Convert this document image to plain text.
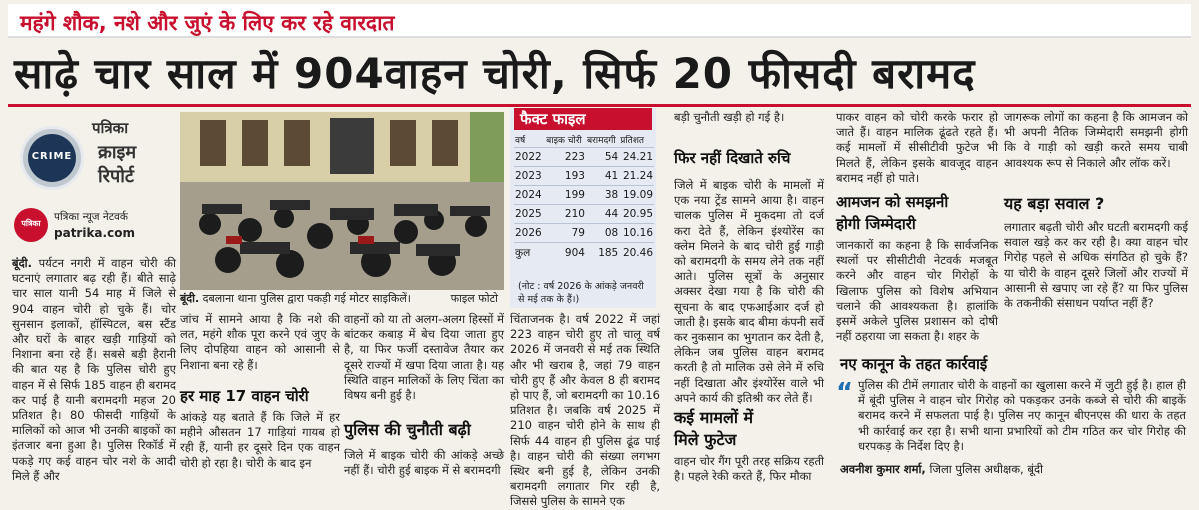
महंगे शौक, नशे और जुएं के लिए कर रहे वारदात
साढ़े चार साल में 904वाहन चोरी, सिर्फ 20 फीसदी बरामद
CRIME
पत्रिका
क्राइम
रिपोर्ट
पत्रिका
पत्रिका न्यूज नेटवर्क
patrika.com
बूंदी. दबलाना थाना पुलिस द्वारा पकड़ी गई मोटर साइकिलें।	फाइल फोटो
फैक्ट फाइल
वर्ष	बाइक चोरी	बरामदगी	प्रतिशत
2022	223	54	24.21
2023	193	41	21.24
2024	199	38	19.09
2025	210	44	20.95
2026	79	08	10.16
कुल	904	185	20.46
(नोट : वर्ष 2026 के आंकड़े जनवरी से मई तक के हैं।)

बूंदी. पर्यटन नगरी में वाहन चोरी की घटनाएं लगातार बढ़ रही हैं। बीते साढ़े चार साल यानी 54 माह में जिले से 904 वाहन चोरी हो चुके हैं। चोर सुनसान इलाकों, हॉस्पिटल, बस स्टैंड और घरों के बाहर खड़ी गाड़ियों को निशाना बना रहे हैं। सबसे बड़ी हैरानी की बात यह है कि पुलिस चोरी हुए वाहन में से सिर्फ 185 वाहन ही बरामद कर पाई है यानी बरामदगी महज 20 प्रतिशत है। 80 फीसदी गाड़ियों के मालिकों को आज भी उनकी बाइकों का इंतजार बना हुआ है। पुलिस रिकॉर्ड में पकड़े गए कई वाहन चोर नशे के आदी मिले हैं और

जांच में सामने आया है कि नशे की लत, महंगे शौक पूरा करने एवं जुए के लिए दोपहिया वाहन को आसानी से निशाना बना रहे हैं।

हर माह 17 वाहन चोरी

आंकड़े यह बताते हैं कि जिले में हर महीने औसतन 17 गाड़ियां गायब हो रही हैं, यानी हर दूसरे दिन एक वाहन चोरी हो रहा है। चोरी के बाद इन

वाहनों को या तो अलग-अलग हिस्सों में बांटकर कबाड़ में बेच दिया जाता हुए है, या फिर फर्जी दस्तावेज तैयार कर दूसरे राज्यों में खपा दिया जाता है। यह स्थिति वाहन मालिकों के लिए चिंता का विषय बनी हुई है।

पुलिस की चुनौती बढ़ी

जिले में बाइक चोरी की आंकड़े अच्छे नहीं हैं। चोरी हुई बाइक में से बरामदगी

चिंताजनक है। वर्ष 2022 में जहां 223 वाहन चोरी हुए तो चालू वर्ष 2026 में जनवरी से मई तक स्थिति और भी खराब है, जहां 79 वाहन चोरी हुए हैं और केवल 8 ही बरामद हो पाए हैं, जो बरामदगी का 10.16 प्रतिशत है। जबकि वर्ष 2025 में 210 वाहन चोरी होने के साथ ही सिर्फ 44 वाहन ही पुलिस ढूंढ पाई है। वाहन चोरी की संख्या लगभग स्थिर बनी हुई है, लेकिन उनकी बरामदगी लगातार गिर रही है, जिससे पुलिस के सामने एक

बड़ी चुनौती खड़ी हो गई है।

फिर नहीं दिखाते रुचि

जिले में बाइक चोरी के मामलों में एक नया ट्रेंड सामने आया है। वाहन चालक पुलिस में मुकदमा तो दर्ज करा देते हैं, लेकिन इंश्योरेंस का क्लेम मिलने के बाद चोरी हुई गाड़ी को बरामदगी के समय लेने तक नहीं आते। पुलिस सूत्रों के अनुसार अक्सर देखा गया है कि चोरी की सूचना के बाद एफआईआर दर्ज हो जाती है। इसके बाद बीमा कंपनी सर्वे कर नुकसान का भुगतान कर देती है, लेकिन जब पुलिस वाहन बरामद करती है तो मालिक उसे लेने में रुचि नहीं दिखाता और इंश्योरेंस वाले भी अपने कार्य की इतिश्री कर लेते हैं।

कई मामलों में
मिले फुटेज

वाहन चोर गैंग पूरी तरह सक्रिय रहती है। पहले रेकी करते हैं, फिर मौका

पाकर वाहन को चोरी करके फरार हो जाते हैं। वाहन मालिक ढूंढते रहते हैं। कई मामलों में सीसीटीवी फुटेज भी मिलते हैं, लेकिन इसके बावजूद वाहन बरामद नहीं हो पाते।

आमजन को समझनी
होगी जिम्मेदारी

जानकारों का कहना है कि सार्वजनिक स्थलों पर सीसीटीवी नेटवर्क मजबूत करने और वाहन चोर गिरोहों के खिलाफ पुलिस को विशेष अभियान चलाने की आवश्यकता है। हालांकि इसमें अकेले पुलिस प्रशासन को दोषी नहीं ठहराया जा सकता है। शहर के

जागरूक लोगों का कहना है कि आमजन को भी अपनी नैतिक जिम्मेदारी समझनी होगी कि वे गाड़ी को खड़ी करते समय चाबी आवश्यक रूप से निकाले और लॉक करें।

यह बड़ा सवाल ?

लगातार बढ़ती चोरी और घटती बरामदगी कई सवाल खड़े कर कर रही है। क्या वाहन चोर गिरोह पहले से अधिक संगठित हो चुके हैं? या चोरी के वाहन दूसरे जिलों और राज्यों में आसानी से खपाए जा रहे हैं? या फिर पुलिस के तकनीकी संसाधन पर्याप्त नहीं हैं?

नए कानून के तहत कार्रवाई
“ पुलिस की टीमें लगातार चोरी के वाहनों का खुलासा करने में जुटी हुई है। हाल ही में बूंदी पुलिस ने वाहन चोर गिरोह को पकड़कर उनके कब्जे से चोरी की बाइकें बरामद करने में सफलता पाई है। पुलिस नए कानून बीएनएस की धारा के तहत भी कार्रवाई कर रहा है। सभी थाना प्रभारियों को टीम गठित कर चोर गिरोह की धरपकड़ के निर्देश दिए है।

अवनीश कुमार शर्मा, जिला पुलिस अधीक्षक, बूंदी
